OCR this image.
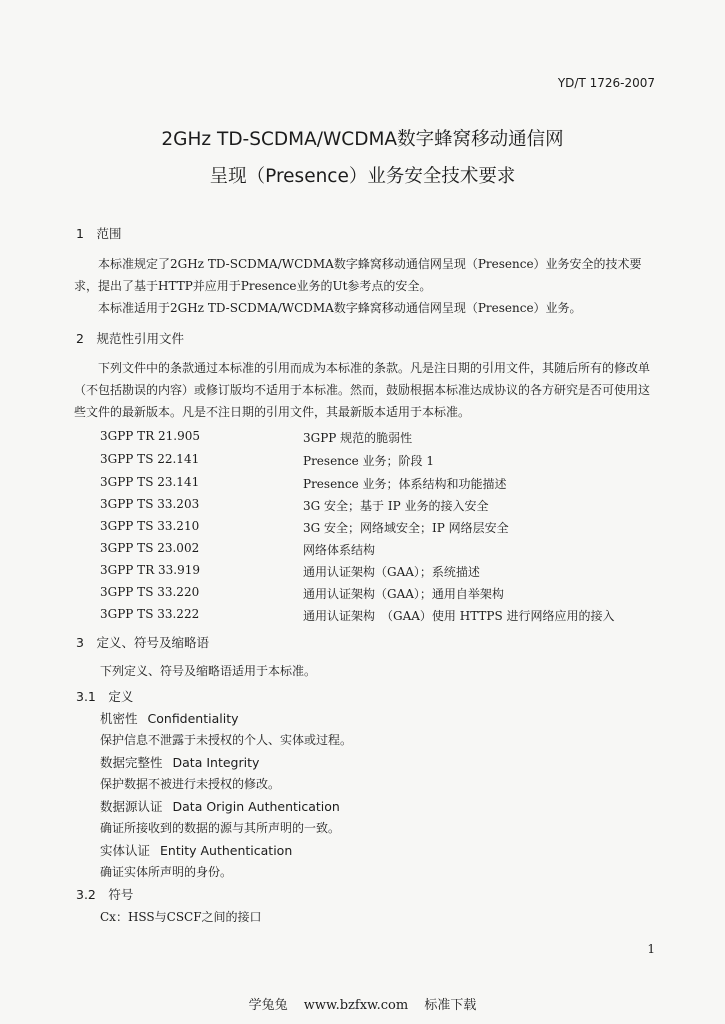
YD/T 1726-2007
2GHz TD-SCDMA/WCDMA数字蜂窝移动通信网
呈现（Presence）业务安全技术要求
1　范围
本标准规定了2GHz TD-SCDMA/WCDMA数字蜂窝移动通信网呈现（Presence）业务安全的技术要求，提出了基于HTTP并应用于Presence业务的Ut参考点的安全。
本标准适用于2GHz TD-SCDMA/WCDMA数字蜂窝移动通信网呈现（Presence）业务。
2　规范性引用文件
下列文件中的条款通过本标准的引用而成为本标准的条款。凡是注日期的引用文件，其随后所有的修改单（不包括勘误的内容）或修订版均不适用于本标准。然而，鼓励根据本标准达成协议的各方研究是否可使用这些文件的最新版本。凡是不注日期的引用文件，其最新版本适用于本标准。
3GPP TR 21.905	3GPP 规范的脆弱性
3GPP TS 22.141	Presence 业务；阶段 1
3GPP TS 23.141	Presence 业务；体系结构和功能描述
3GPP TS 33.203	3G 安全；基于 IP 业务的接入安全
3GPP TS 33.210	3G 安全；网络域安全；IP 网络层安全
3GPP TS 23.002	网络体系结构
3GPP TR 33.919	通用认证架构（GAA）；系统描述
3GPP TS 33.220	通用认证架构（GAA）；通用自举架构
3GPP TS 33.222	通用认证架构　（GAA）使用 HTTPS 进行网络应用的接入
3　定义、符号及缩略语
下列定义、符号及缩略语适用于本标准。
3.1　定义
机密性 Confidentiality
保护信息不泄露于未授权的个人、实体或过程。
数据完整性 Data Integrity
保护数据不被进行未授权的修改。
数据源认证 Data Origin Authentication
确证所接收到的数据的源与其所声明的一致。
实体认证 Entity Authentication
确证实体所声明的身份。
3.2　符号
Cx：HSS与CSCF之间的接口
1
学兔兔 www.bzfxw.com 标准下载
